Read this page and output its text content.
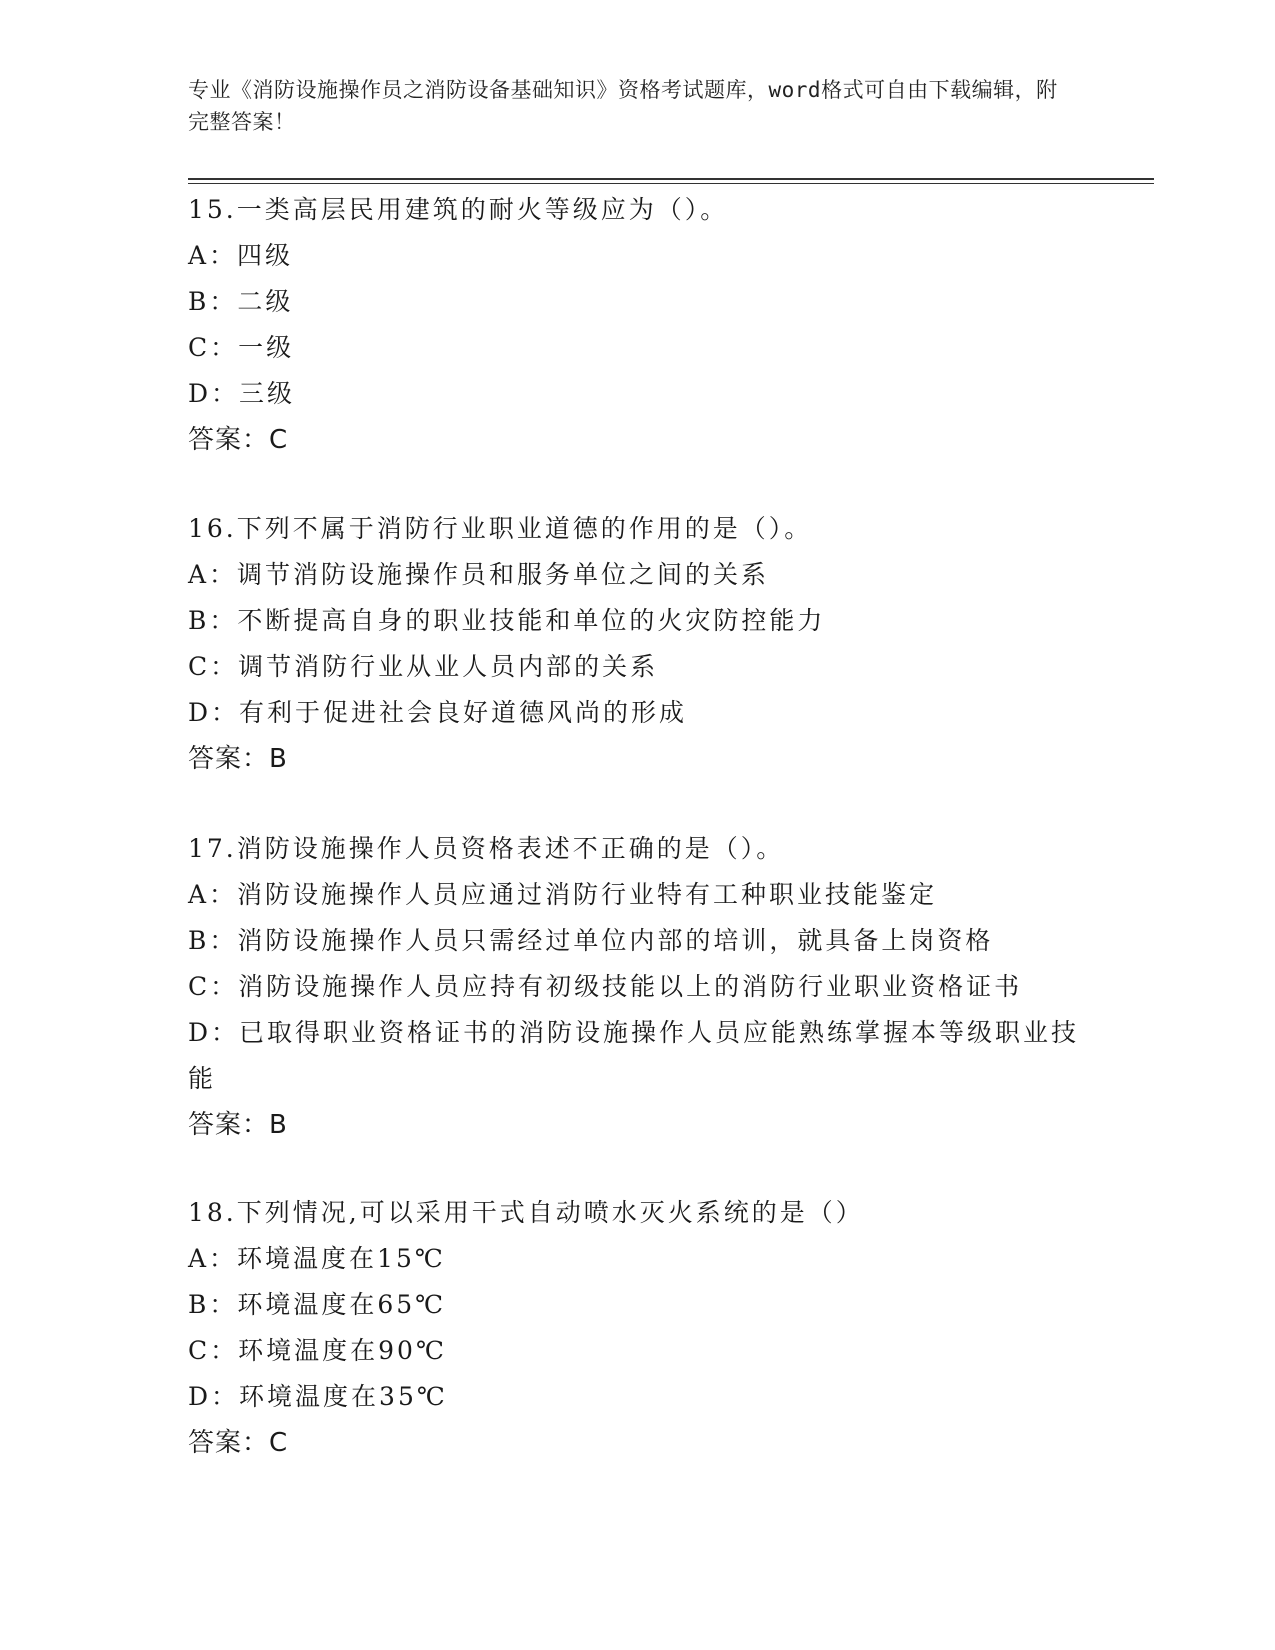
专业《消防设施操作员之消防设备基础知识》资格考试题库，word格式可自由下载编辑，附完整答案！
15.一类高层民用建筑的耐火等级应为（）。
A：四级
B：二级
C：一级
D：三级
答案：C
16.下列不属于消防行业职业道德的作用的是（）。
A：调节消防设施操作员和服务单位之间的关系
B：不断提高自身的职业技能和单位的火灾防控能力
C：调节消防行业从业人员内部的关系
D：有利于促进社会良好道德风尚的形成
答案：B
17.消防设施操作人员资格表述不正确的是（）。
A：消防设施操作人员应通过消防行业特有工种职业技能鉴定
B：消防设施操作人员只需经过单位内部的培训，就具备上岗资格
C：消防设施操作人员应持有初级技能以上的消防行业职业资格证书
D：已取得职业资格证书的消防设施操作人员应能熟练掌握本等级职业技能
答案：B
18.下列情况,可以采用干式自动喷水灭火系统的是（）
A：环境温度在15℃
B：环境温度在65℃
C：环境温度在90℃
D：环境温度在35℃
答案：C
